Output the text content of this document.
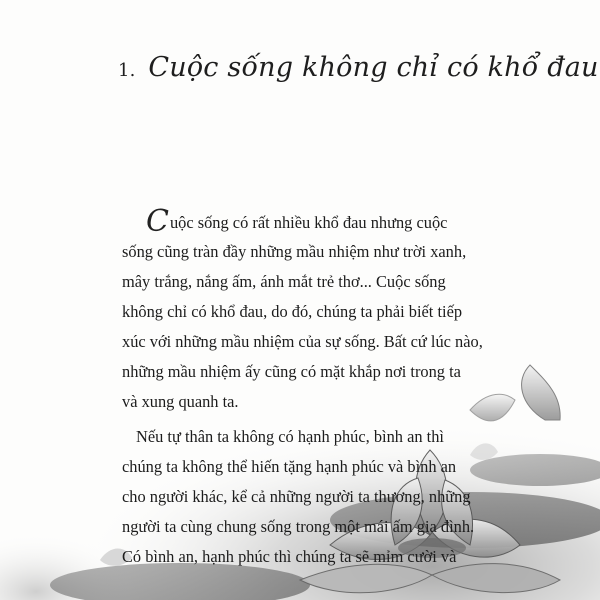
1. Cuộc sống không chỉ có khổ đau
Cuộc sống có rất nhiều khổ đau nhưng cuộc
sống cũng tràn đầy những mầu nhiệm như trời xanh,
mây trắng, nắng ấm, ánh mắt trẻ thơ... Cuộc sống
không chỉ có khổ đau, do đó, chúng ta phải biết tiếp
xúc với những mầu nhiệm của sự sống. Bất cứ lúc nào,
những mầu nhiệm ấy cũng có mặt khắp nơi trong ta
và xung quanh ta.
Nếu tự thân ta không có hạnh phúc, bình an thì
chúng ta không thể hiến tặng hạnh phúc và bình an
cho người khác, kể cả những người ta thương, những
người ta cùng chung sống trong một mái ấm gia đình.
Có bình an, hạnh phúc thì chúng ta sẽ mỉm cười và
